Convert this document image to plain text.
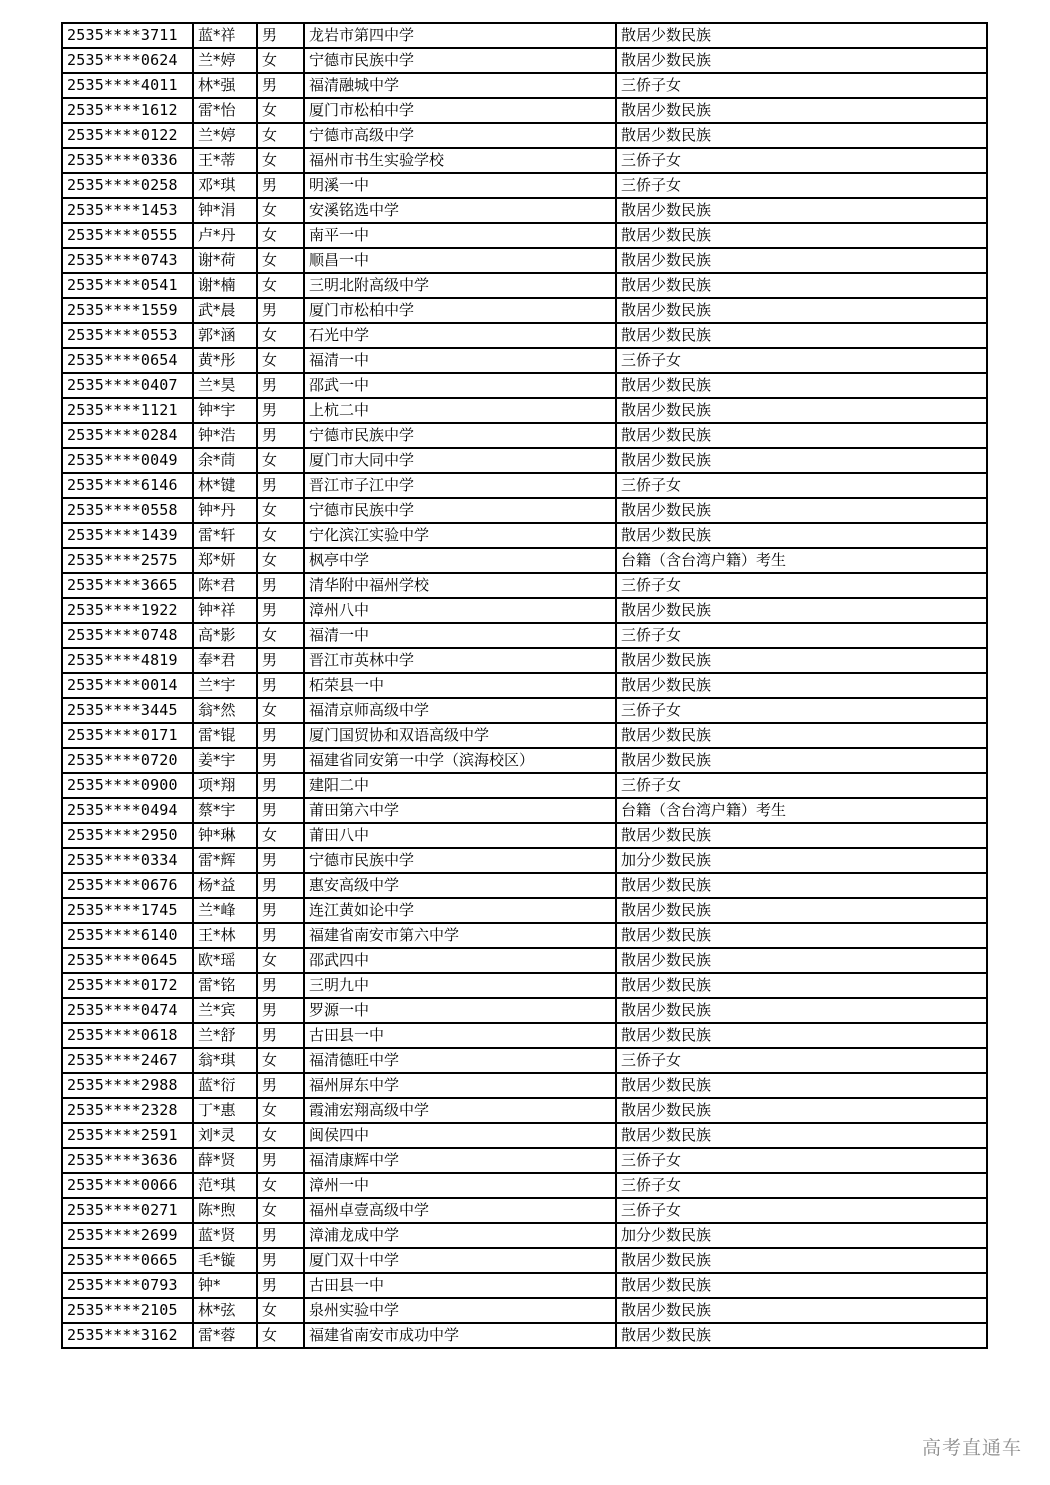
2535****3711	蓝*祥	男	龙岩市第四中学	散居少数民族
2535****0624	兰*婷	女	宁德市民族中学	散居少数民族
2535****4011	林*强	男	福清融城中学	三侨子女
2535****1612	雷*怡	女	厦门市松柏中学	散居少数民族
2535****0122	兰*婷	女	宁德市高级中学	散居少数民族
2535****0336	王*蒂	女	福州市书生实验学校	三侨子女
2535****0258	邓*琪	男	明溪一中	三侨子女
2535****1453	钟*涓	女	安溪铭选中学	散居少数民族
2535****0555	卢*丹	女	南平一中	散居少数民族
2535****0743	谢*荷	女	顺昌一中	散居少数民族
2535****0541	谢*楠	女	三明北附高级中学	散居少数民族
2535****1559	武*晨	男	厦门市松柏中学	散居少数民族
2535****0553	郭*涵	女	石光中学	散居少数民族
2535****0654	黄*彤	女	福清一中	三侨子女
2535****0407	兰*昊	男	邵武一中	散居少数民族
2535****1121	钟*宇	男	上杭二中	散居少数民族
2535****0284	钟*浩	男	宁德市民族中学	散居少数民族
2535****0049	余*茼	女	厦门市大同中学	散居少数民族
2535****6146	林*键	男	晋江市子江中学	三侨子女
2535****0558	钟*丹	女	宁德市民族中学	散居少数民族
2535****1439	雷*轩	女	宁化滨江实验中学	散居少数民族
2535****2575	郑*妍	女	枫亭中学	台籍（含台湾户籍）考生
2535****3665	陈*君	男	清华附中福州学校	三侨子女
2535****1922	钟*祥	男	漳州八中	散居少数民族
2535****0748	高*影	女	福清一中	三侨子女
2535****4819	奉*君	男	晋江市英林中学	散居少数民族
2535****0014	兰*宇	男	柘荣县一中	散居少数民族
2535****3445	翁*然	女	福清京师高级中学	三侨子女
2535****0171	雷*锟	男	厦门国贸协和双语高级中学	散居少数民族
2535****0720	姜*宇	男	福建省同安第一中学（滨海校区）	散居少数民族
2535****0900	项*翔	男	建阳二中	三侨子女
2535****0494	蔡*宇	男	莆田第六中学	台籍（含台湾户籍）考生
2535****2950	钟*琳	女	莆田八中	散居少数民族
2535****0334	雷*辉	男	宁德市民族中学	加分少数民族
2535****0676	杨*益	男	惠安高级中学	散居少数民族
2535****1745	兰*峰	男	连江黄如论中学	散居少数民族
2535****6140	王*林	男	福建省南安市第六中学	散居少数民族
2535****0645	欧*瑶	女	邵武四中	散居少数民族
2535****0172	雷*铭	男	三明九中	散居少数民族
2535****0474	兰*宾	男	罗源一中	散居少数民族
2535****0618	兰*舒	男	古田县一中	散居少数民族
2535****2467	翁*琪	女	福清德旺中学	三侨子女
2535****2988	蓝*衍	男	福州屏东中学	散居少数民族
2535****2328	丁*惠	女	霞浦宏翔高级中学	散居少数民族
2535****2591	刘*灵	女	闽侯四中	散居少数民族
2535****3636	薛*贤	男	福清康辉中学	三侨子女
2535****0066	范*琪	女	漳州一中	三侨子女
2535****0271	陈*煦	女	福州卓壹高级中学	三侨子女
2535****2699	蓝*贤	男	漳浦龙成中学	加分少数民族
2535****0665	毛*镟	男	厦门双十中学	散居少数民族
2535****0793	钟*	男	古田县一中	散居少数民族
2535****2105	林*弦	女	泉州实验中学	散居少数民族
2535****3162	雷*蓉	女	福建省南安市成功中学	散居少数民族
高考直通车
